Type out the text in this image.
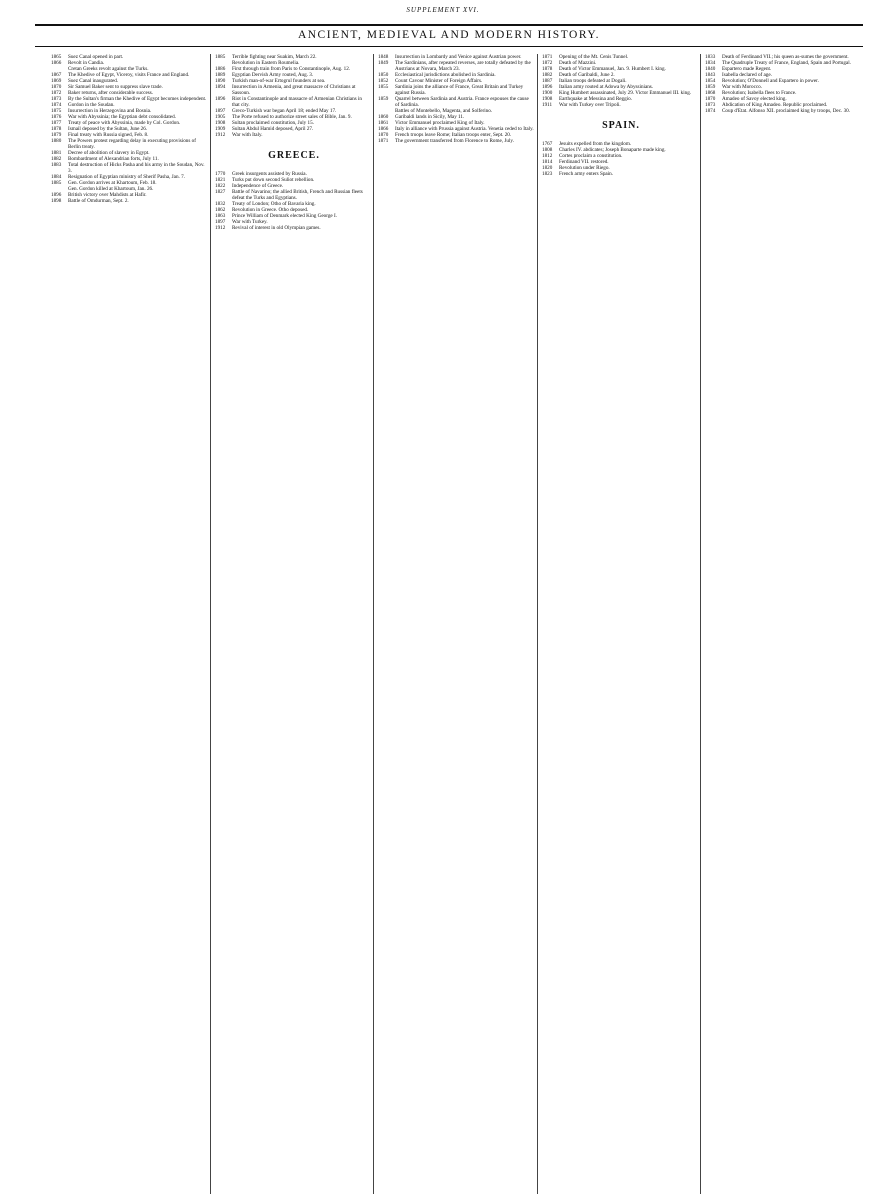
SUPPLEMENT XVI.
ANCIENT, MEDIEVAL AND MODERN HISTORY.
1865	Suez Canal opened in part.
1866	Revolt in Candia.
Cretan Greeks revolt against the Turks.
1867	The Khedive of Egypt, Viceroy, visits France and England.
1869	Suez Canal inaugurated.
1870	Sir Samuel Baker sent to suppress slave trade.
1872	Baker returns, after considerable success.
1873	By the Sultan's firman the Khedive of Egypt becomes independent.
1874	Gordon in the Soudan.
1875	Insurrection in Herzegovina and Bosnia.
1876	War with Abyssinia; the Egyptian debt consolidated.
1877	Treaty of peace with Abyssinia, made by Col. Gordon.
1878	Ismail deposed by the Sultan, June 26.
1879	Final treaty with Russia signed, Feb. 8.
1880	The Powers protest regarding delay in executing provisions of Berlin treaty.
1881	Decree of abolition of slavery in Egypt.
1882	Bombardment of Alexandrian forts, July 11.
1883	Total destruction of Hicks Pasha and his army in the Soudan, Nov. 3.
1884	Resignation of Egyptian ministry of Sherif Pasha, Jan. 7.
1885	Gen. Gordon arrives at Khartoum, Feb. 18.
Gen. Gordon killed at Khartoum, Jan. 26.
1896	British victory over Mahdists at Hafir.
1898	Battle of Omdurman, Sept. 2.
1885	Terrible fighting near Suakim, March 22.
Revolution in Eastern Roumelia.
1886	First through train from Paris to Constantinople, Aug. 12.
1889	Egyptian Dervish Army routed, Aug. 3.
1890	Turkish man-of-war Ertogrul founders at sea.
1894	Insurrection in Armenia, and great massacre of Christians at Sassoun.
1896	Riot in Constantinople and massacre of Armenian Christians in that city.
1897	Greco-Turkish war began April 18; ended May 17.
1905	The Porte refused to authorize street sales of Bible, Jan. 9.
1908	Sultan proclaimed constitution, July 15.
1909	Sultan Abdul Hamid deposed, April 27.
1912	War with Italy.
GREECE.
1770	Greek insurgents assisted by Russia.
1821	Turks put down second Suliot rebellion.
1822	Independence of Greece.
1827	Battle of Navarino; the allied British, French and Russian fleets defeat the Turks and Egyptians.
1832	Treaty of London; Otho of Bavaria king.
1862	Revolution in Greece. Otho deposed.
1863	Prince William of Denmark elected King George I.
1897	War with Turkey.
1912	Revival of interest in old Olympian games.
1848	Insurrection in Lombardy and Venice against Austrian power.
1849	The Sardinians, after repeated reverses, are totally defeated by the Austrians at Novara, March 23.
1850	Ecclesiastical jurisdictions abolished in Sardinia.
1852	Count Cavour Minister of Foreign Affairs.
1855	Sardinia joins the alliance of France, Great Britain and Turkey against Russia.
1859	Quarrel between Sardinia and Austria. France espouses the cause of Sardinia.
Battles of Montebello, Magenta, and Solferino.
1860	Garibaldi lands in Sicily, May 11.
1861	Victor Emmanuel proclaimed King of Italy.
1866	Italy in alliance with Prussia against Austria. Venetia ceded to Italy.
1870	French troops leave Rome; Italian troops enter, Sept. 20.
1871	The government transferred from Florence to Rome, July.
1871	Opening of the Mt. Cenis Tunnel.
1872	Death of Mazzini.
1878	Death of Victor Emmanuel, Jan. 9. Humbert I. king.
1882	Death of Garibaldi, June 2.
1887	Italian troops defeated at Dogali.
1896	Italian army routed at Adowa by Abyssinians.
1900	King Humbert assassinated, July 29. Victor Emmanuel III. king.
1908	Earthquake at Messina and Reggio.
1911	War with Turkey over Tripoli.
SPAIN.
1767	Jesuits expelled from the kingdom.
1808	Charles IV. abdicates; Joseph Bonaparte made king.
1812	Cortes proclaim a constitution.
1814	Ferdinand VII. restored.
1820	Revolution under Riego.
1823	French army enters Spain.
1833	Death of Ferdinand VII.; his queen as-sumes the government.
1834	The Quadruple Treaty of France, England, Spain and Portugal.
1840	Espartero made Regent.
1843	Isabella declared of age.
1854	Revolution; O'Donnell and Espartero in power.
1859	War with Morocco.
1868	Revolution; Isabella flees to France.
1870	Amadeo of Savoy elected king.
1873	Abdication of King Amadeo. Republic proclaimed.
1874	Coup d'Etat. Alfonso XII. proclaimed king by troops, Dec. 30.
